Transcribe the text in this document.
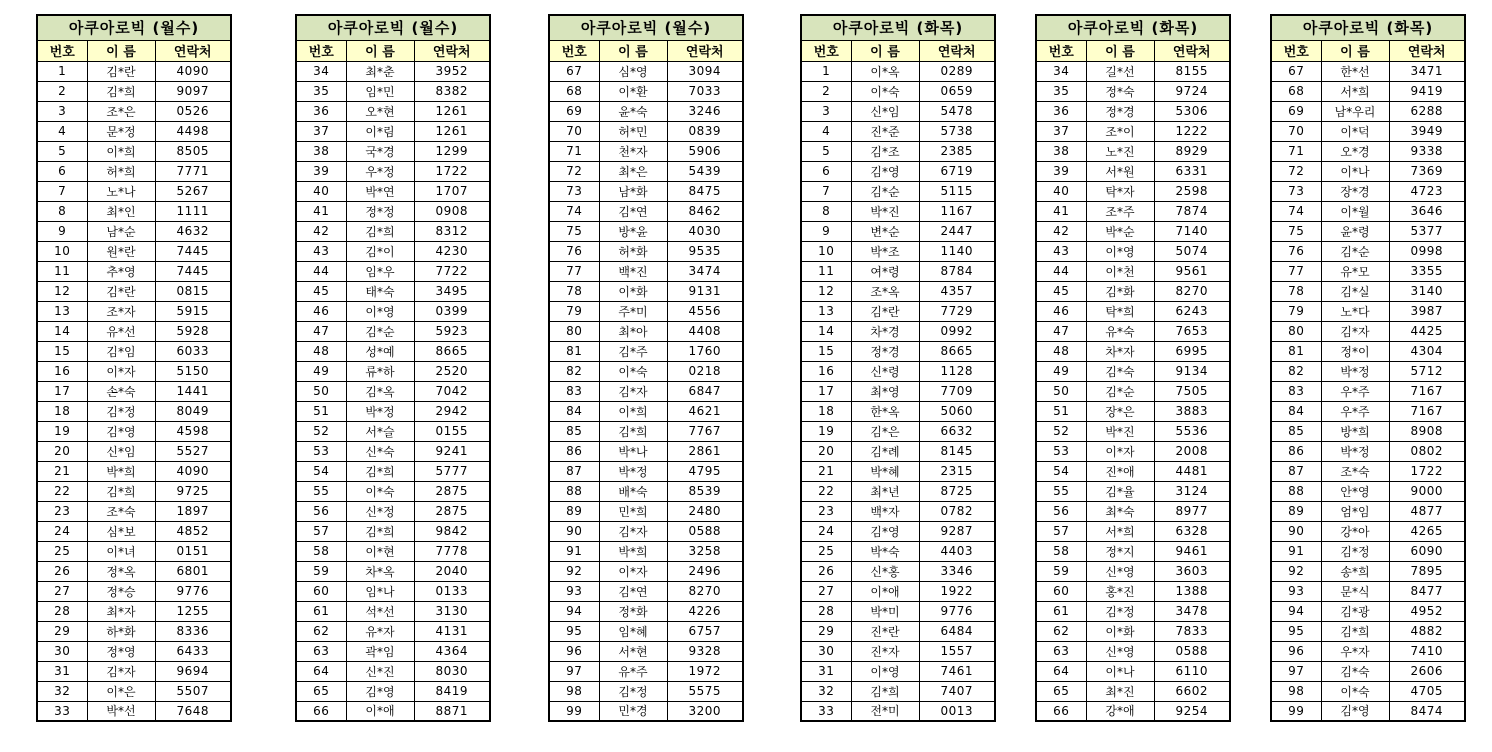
아쿠아로빅 (월수)		
번호	이 름	연락처
1	김*란	4090
2	김*희	9097
3	조*은	0526
4	문*정	4498
5	이*희	8505
6	허*희	7771
7	노*나	5267
8	최*인	1111
9	남*순	4632
10	원*란	7445
11	추*영	7445
12	김*란	0815
13	조*자	5915
14	유*선	5928
15	김*임	6033
16	이*자	5150
17	손*숙	1441
18	김*정	8049
19	김*영	4598
20	신*임	5527
21	박*희	4090
22	김*희	9725
23	조*숙	1897
24	심*보	4852
25	이*녀	0151
26	정*옥	6801
27	정*승	9776
28	최*자	1255
29	하*화	8336
30	정*영	6433
31	김*자	9694
32	이*은	5507
33	박*선	7648
아쿠아로빅 (월수)		
번호	이 름	연락처
34	최*춘	3952
35	임*민	8382
36	오*현	1261
37	이*림	1261
38	국*경	1299
39	우*정	1722
40	박*연	1707
41	정*정	0908
42	김*희	8312
43	김*이	4230
44	임*우	7722
45	태*숙	3495
46	이*영	0399
47	김*순	5923
48	성*예	8665
49	류*하	2520
50	김*옥	7042
51	박*정	2942
52	서*슬	0155
53	신*숙	9241
54	김*희	5777
55	이*숙	2875
56	신*정	2875
57	김*희	9842
58	이*현	7778
59	차*옥	2040
60	임*나	0133
61	석*선	3130
62	유*자	4131
63	곽*임	4364
64	신*진	8030
65	김*영	8419
66	이*애	8871
아쿠아로빅 (월수)		
번호	이 름	연락처
67	심*영	3094
68	이*환	7033
69	윤*숙	3246
70	허*민	0839
71	천*자	5906
72	최*은	5439
73	남*화	8475
74	김*연	8462
75	방*윤	4030
76	허*화	9535
77	백*진	3474
78	이*화	9131
79	주*미	4556
80	최*아	4408
81	김*주	1760
82	이*숙	0218
83	김*자	6847
84	이*희	4621
85	김*희	7767
86	박*나	2861
87	박*정	4795
88	배*숙	8539
89	민*희	2480
90	김*자	0588
91	박*희	3258
92	이*자	2496
93	김*연	8270
94	정*화	4226
95	임*혜	6757
96	서*현	9328
97	유*주	1972
98	김*정	5575
99	민*경	3200
아쿠아로빅 (화목)		
번호	이 름	연락처
1	이*옥	0289
2	이*숙	0659
3	신*임	5478
4	진*준	5738
5	김*조	2385
6	김*영	6719
7	김*순	5115
8	박*진	1167
9	변*순	2447
10	박*조	1140
11	여*령	8784
12	조*옥	4357
13	김*란	7729
14	차*경	0992
15	정*경	8665
16	신*령	1128
17	최*영	7709
18	한*옥	5060
19	김*은	6632
20	김*례	8145
21	박*혜	2315
22	최*년	8725
23	백*자	0782
24	김*영	9287
25	박*숙	4403
26	신*홍	3346
27	이*애	1922
28	박*미	9776
29	진*란	6484
30	진*자	1557
31	이*영	7461
32	김*희	7407
33	전*미	0013
아쿠아로빅 (화목)		
번호	이 름	연락처
34	길*선	8155
35	정*숙	9724
36	정*경	5306
37	조*이	1222
38	노*진	8929
39	서*원	6331
40	탁*자	2598
41	조*주	7874
42	박*순	7140
43	이*영	5074
44	이*천	9561
45	김*화	8270
46	탁*희	6243
47	유*숙	7653
48	차*자	6995
49	김*숙	9134
50	김*순	7505
51	장*은	3883
52	박*진	5536
53	이*자	2008
54	진*애	4481
55	김*율	3124
56	최*숙	8977
57	서*희	6328
58	정*지	9461
59	신*영	3603
60	홍*진	1388
61	김*정	3478
62	이*화	7833
63	신*영	0588
64	이*나	6110
65	최*진	6602
66	강*애	9254
아쿠아로빅 (화목)		
번호	이 름	연락처
67	한*선	3471
68	서*희	9419
69	남*우리	6288
70	이*덕	3949
71	오*경	9338
72	이*나	7369
73	장*경	4723
74	이*월	3646
75	윤*령	5377
76	김*순	0998
77	유*모	3355
78	김*실	3140
79	노*다	3987
80	김*자	4425
81	정*이	4304
82	박*정	5712
83	우*주	7167
84	우*주	7167
85	방*희	8908
86	박*정	0802
87	조*숙	1722
88	안*영	9000
89	엄*임	4877
90	강*아	4265
91	김*정	6090
92	송*희	7895
93	문*식	8477
94	김*광	4952
95	김*희	4882
96	우*자	7410
97	김*숙	2606
98	이*숙	4705
99	김*영	8474
